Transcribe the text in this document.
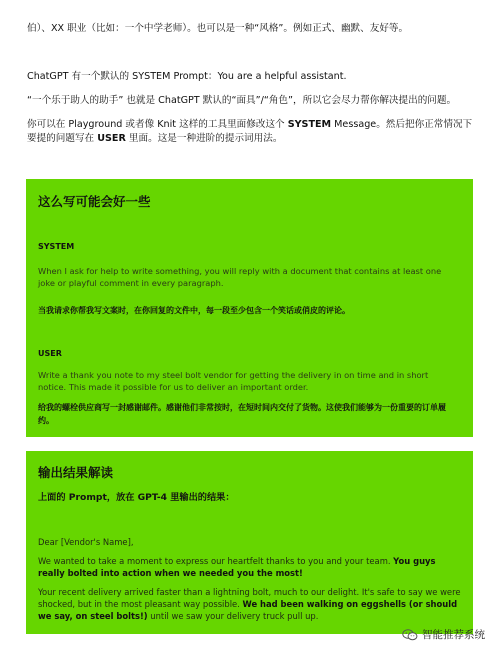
伯）、XX 职业（比如：一个中学老师）。也可以是一种“风格”。例如正式、幽默、友好等。

ChatGPT 有一个默认的 SYSTEM Prompt：You are a helpful assistant.

“一个乐于助人的助手” 也就是 ChatGPT 默认的“面具”/“角色”，所以它会尽力帮你解决提出的问题。

你可以在 Playground 或者像 Knit 这样的工具里面修改这个 SYSTEM Message。然后把你正常情况下要提的问题写在 USER 里面。这是一种进阶的提示词用法。

这么写可能会好一些
SYSTEM

When I ask for help to write something, you will reply with a document that contains at least one joke or playful comment in every paragraph.

当我请求你帮我写文案时，在你回复的文件中，每一段至少包含一个笑话或俏皮的评论。

USER

Write a thank you note to my steel bolt vendor for getting the delivery in on time and in short notice. This made it possible for us to deliver an important order.

给我的螺栓供应商写一封感谢邮件。感谢他们非常按时，在短时间内交付了货物。这使我们能够为一份重要的订单履约。

输出结果解读

上面的 Prompt，放在 GPT-4 里输出的结果：

Dear [Vendor's Name],

We wanted to take a moment to express our heartfelt thanks to you and your team. You guys really bolted into action when we needed you the most!

Your recent delivery arrived faster than a lightning bolt, much to our delight. It's safe to say we were shocked, but in the most pleasant way possible. We had been walking on eggshells (or should we say, on steel bolts!) until we saw your delivery truck pull up.

智能推荐系统
